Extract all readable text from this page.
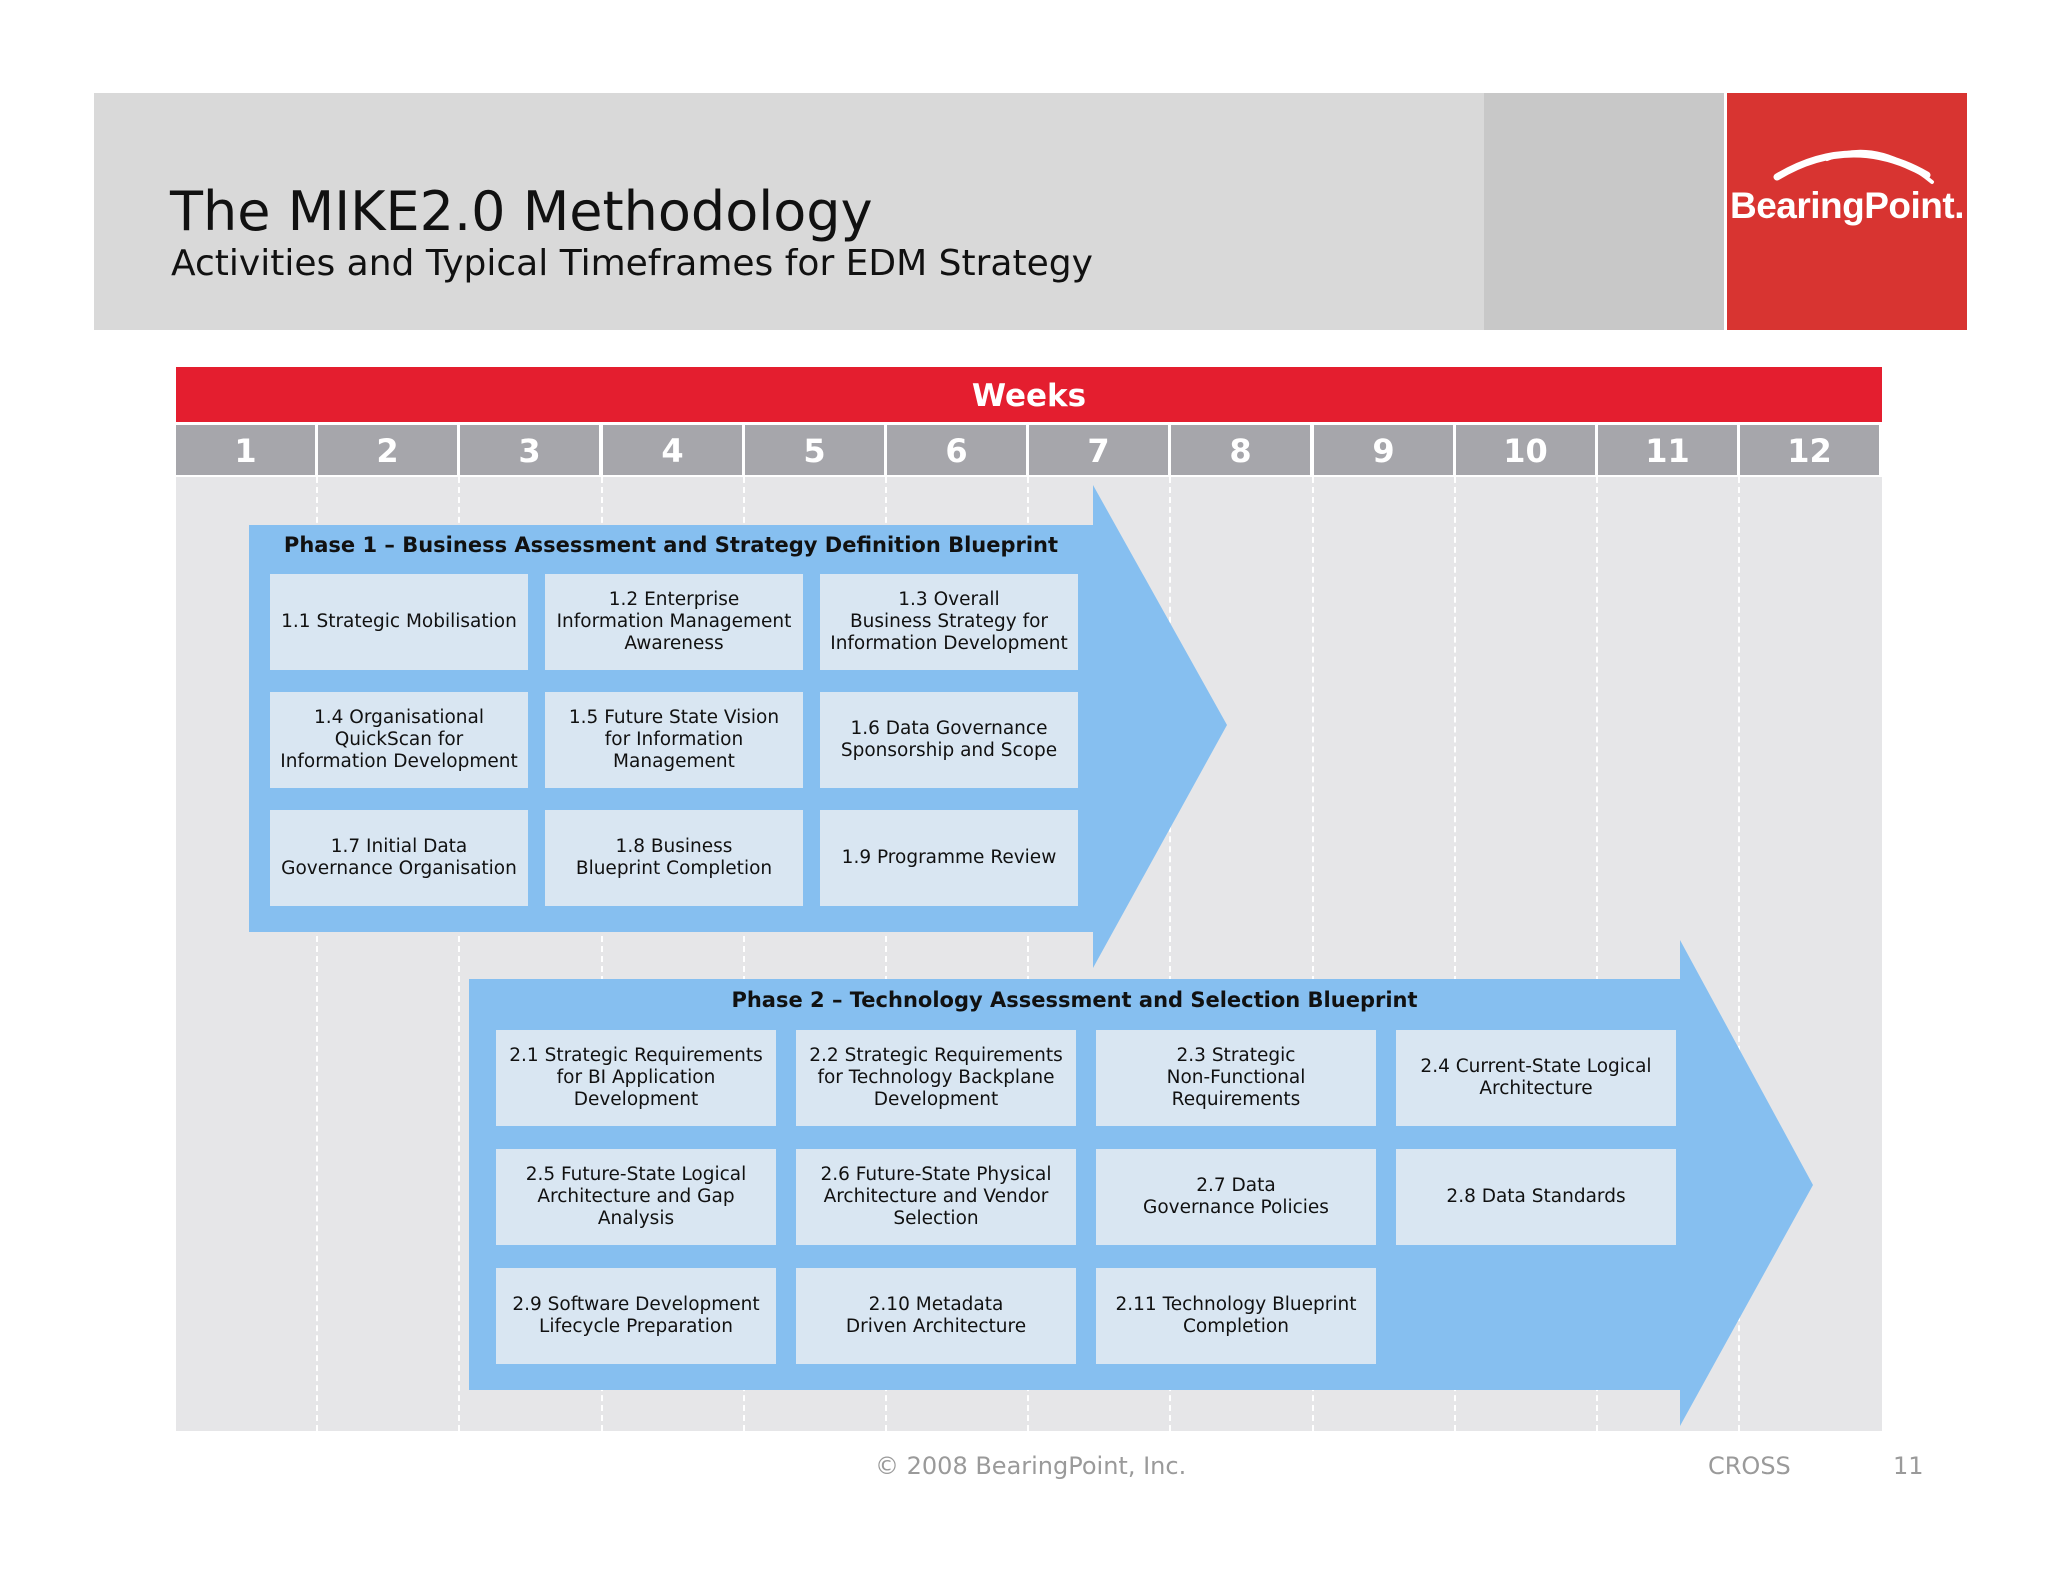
BearingPoint.
The MIKE2.0 Methodology
Activities and Typical Timeframes for EDM Strategy
Weeks
1	2	3	4	5	6	7	8	9	10	11	12
Phase 1 – Business Assessment and Strategy Definition Blueprint
1.1 Strategic Mobilisation
1.2 Enterprise
Information Management
Awareness
1.3 Overall
Business Strategy for
Information Development
1.4 Organisational
QuickScan for
Information Development
1.5 Future State Vision
for Information
Management
1.6 Data Governance
Sponsorship and Scope
1.7 Initial Data
Governance Organisation
1.8 Business
Blueprint Completion
1.9 Programme Review
Phase 2 – Technology Assessment and Selection Blueprint
2.1 Strategic Requirements
for BI Application
Development
2.2 Strategic Requirements
for Technology Backplane
Development
2.3 Strategic
Non-Functional
Requirements
2.4 Current-State Logical
Architecture
2.5 Future-State Logical
Architecture and Gap
Analysis
2.6 Future-State Physical
Architecture and Vendor
Selection
2.7 Data
Governance Policies
2.8 Data Standards
2.9 Software Development
Lifecycle Preparation
2.10 Metadata
Driven Architecture
2.11 Technology Blueprint
Completion
© 2008 BearingPoint, Inc.	CROSS	11
